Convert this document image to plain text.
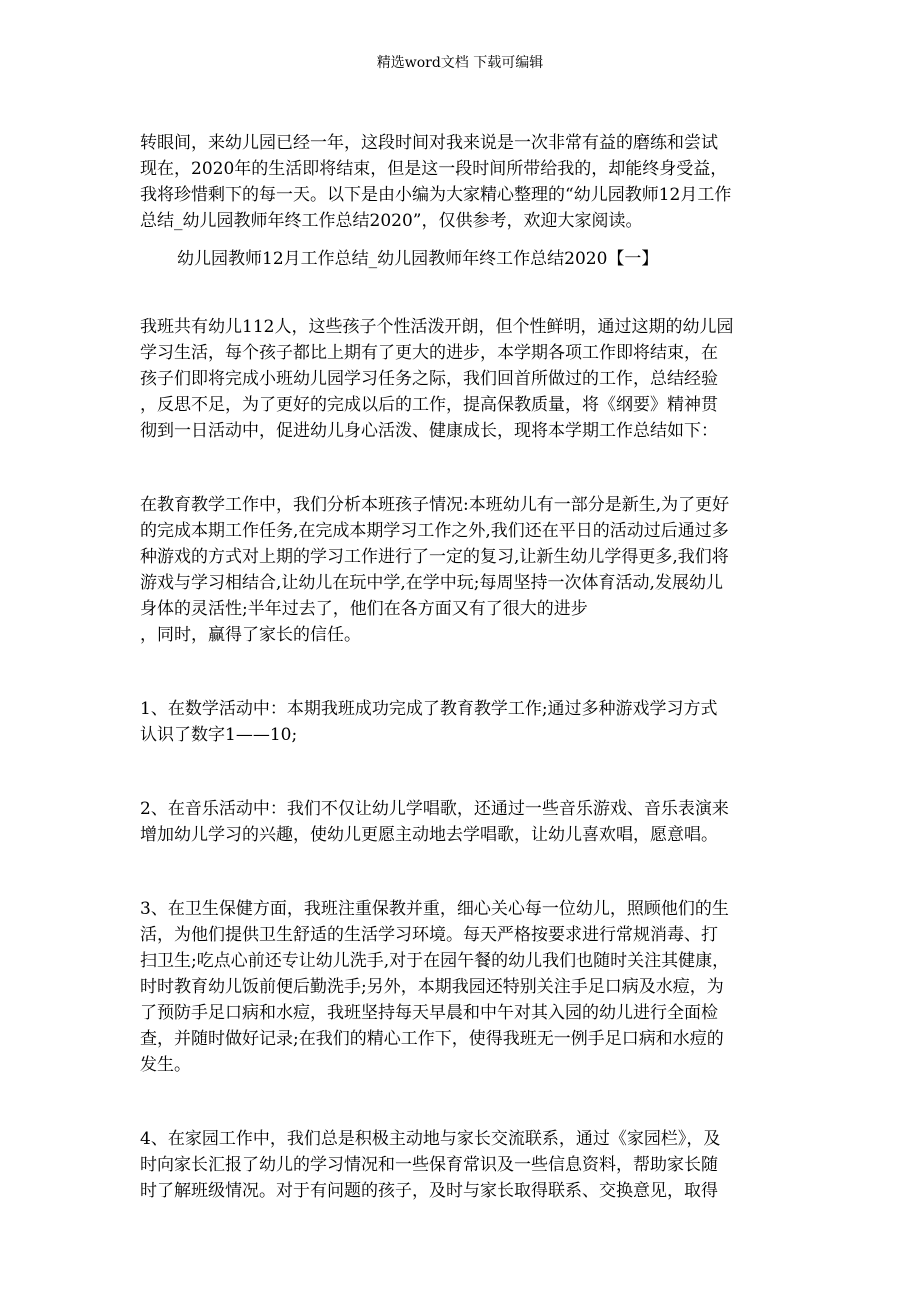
精选word文档 下载可编辑
转眼间，来幼儿园已经一年，这段时间对我来说是一次非常有益的磨练和尝试
现在，2020年的生活即将结束，但是这一段时间所带给我的，却能终身受益，
我将珍惜剩下的每一天。以下是由小编为大家精心整理的“幼儿园教师12月工作
总结_幼儿园教师年终工作总结2020”，仅供参考，欢迎大家阅读。
幼儿园教师12月工作总结_幼儿园教师年终工作总结2020【一】
我班共有幼儿112人，这些孩子个性活泼开朗，但个性鲜明，通过这期的幼儿园
学习生活，每个孩子都比上期有了更大的进步，本学期各项工作即将结束，在
孩子们即将完成小班幼儿园学习任务之际，我们回首所做过的工作，总结经验
，反思不足，为了更好的完成以后的工作，提高保教质量，将《纲要》精神贯
彻到一日活动中，促进幼儿身心活泼、健康成长，现将本学期工作总结如下：
在教育教学工作中，我们分析本班孩子情况:本班幼儿有一部分是新生,为了更好
的完成本期工作任务,在完成本期学习工作之外,我们还在平日的活动过后通过多
种游戏的方式对上期的学习工作进行了一定的复习,让新生幼儿学得更多,我们将
游戏与学习相结合,让幼儿在玩中学,在学中玩;每周坚持一次体育活动,发展幼儿
身体的灵活性;半年过去了，他们在各方面又有了很大的进步
，同时，赢得了家长的信任。
1、在数学活动中：本期我班成功完成了教育教学工作;通过多种游戏学习方式
认识了数字1——10;
2、在音乐活动中：我们不仅让幼儿学唱歌，还通过一些音乐游戏、音乐表演来
增加幼儿学习的兴趣，使幼儿更愿主动地去学唱歌，让幼儿喜欢唱，愿意唱。
3、在卫生保健方面，我班注重保教并重，细心关心每一位幼儿，照顾他们的生
活，为他们提供卫生舒适的生活学习环境。每天严格按要求进行常规消毒、打
扫卫生;吃点心前还专让幼儿洗手,对于在园午餐的幼儿我们也随时关注其健康，
时时教育幼儿饭前便后勤洗手;另外，本期我园还特别关注手足口病及水痘，为
了预防手足口病和水痘，我班坚持每天早晨和中午对其入园的幼儿进行全面检
查，并随时做好记录;在我们的精心工作下，使得我班无一例手足口病和水痘的
发生。
4、在家园工作中，我们总是积极主动地与家长交流联系，通过《家园栏》，及
时向家长汇报了幼儿的学习情况和一些保育常识及一些信息资料，帮助家长随
时了解班级情况。对于有问题的孩子，及时与家长取得联系、交换意见，取得
